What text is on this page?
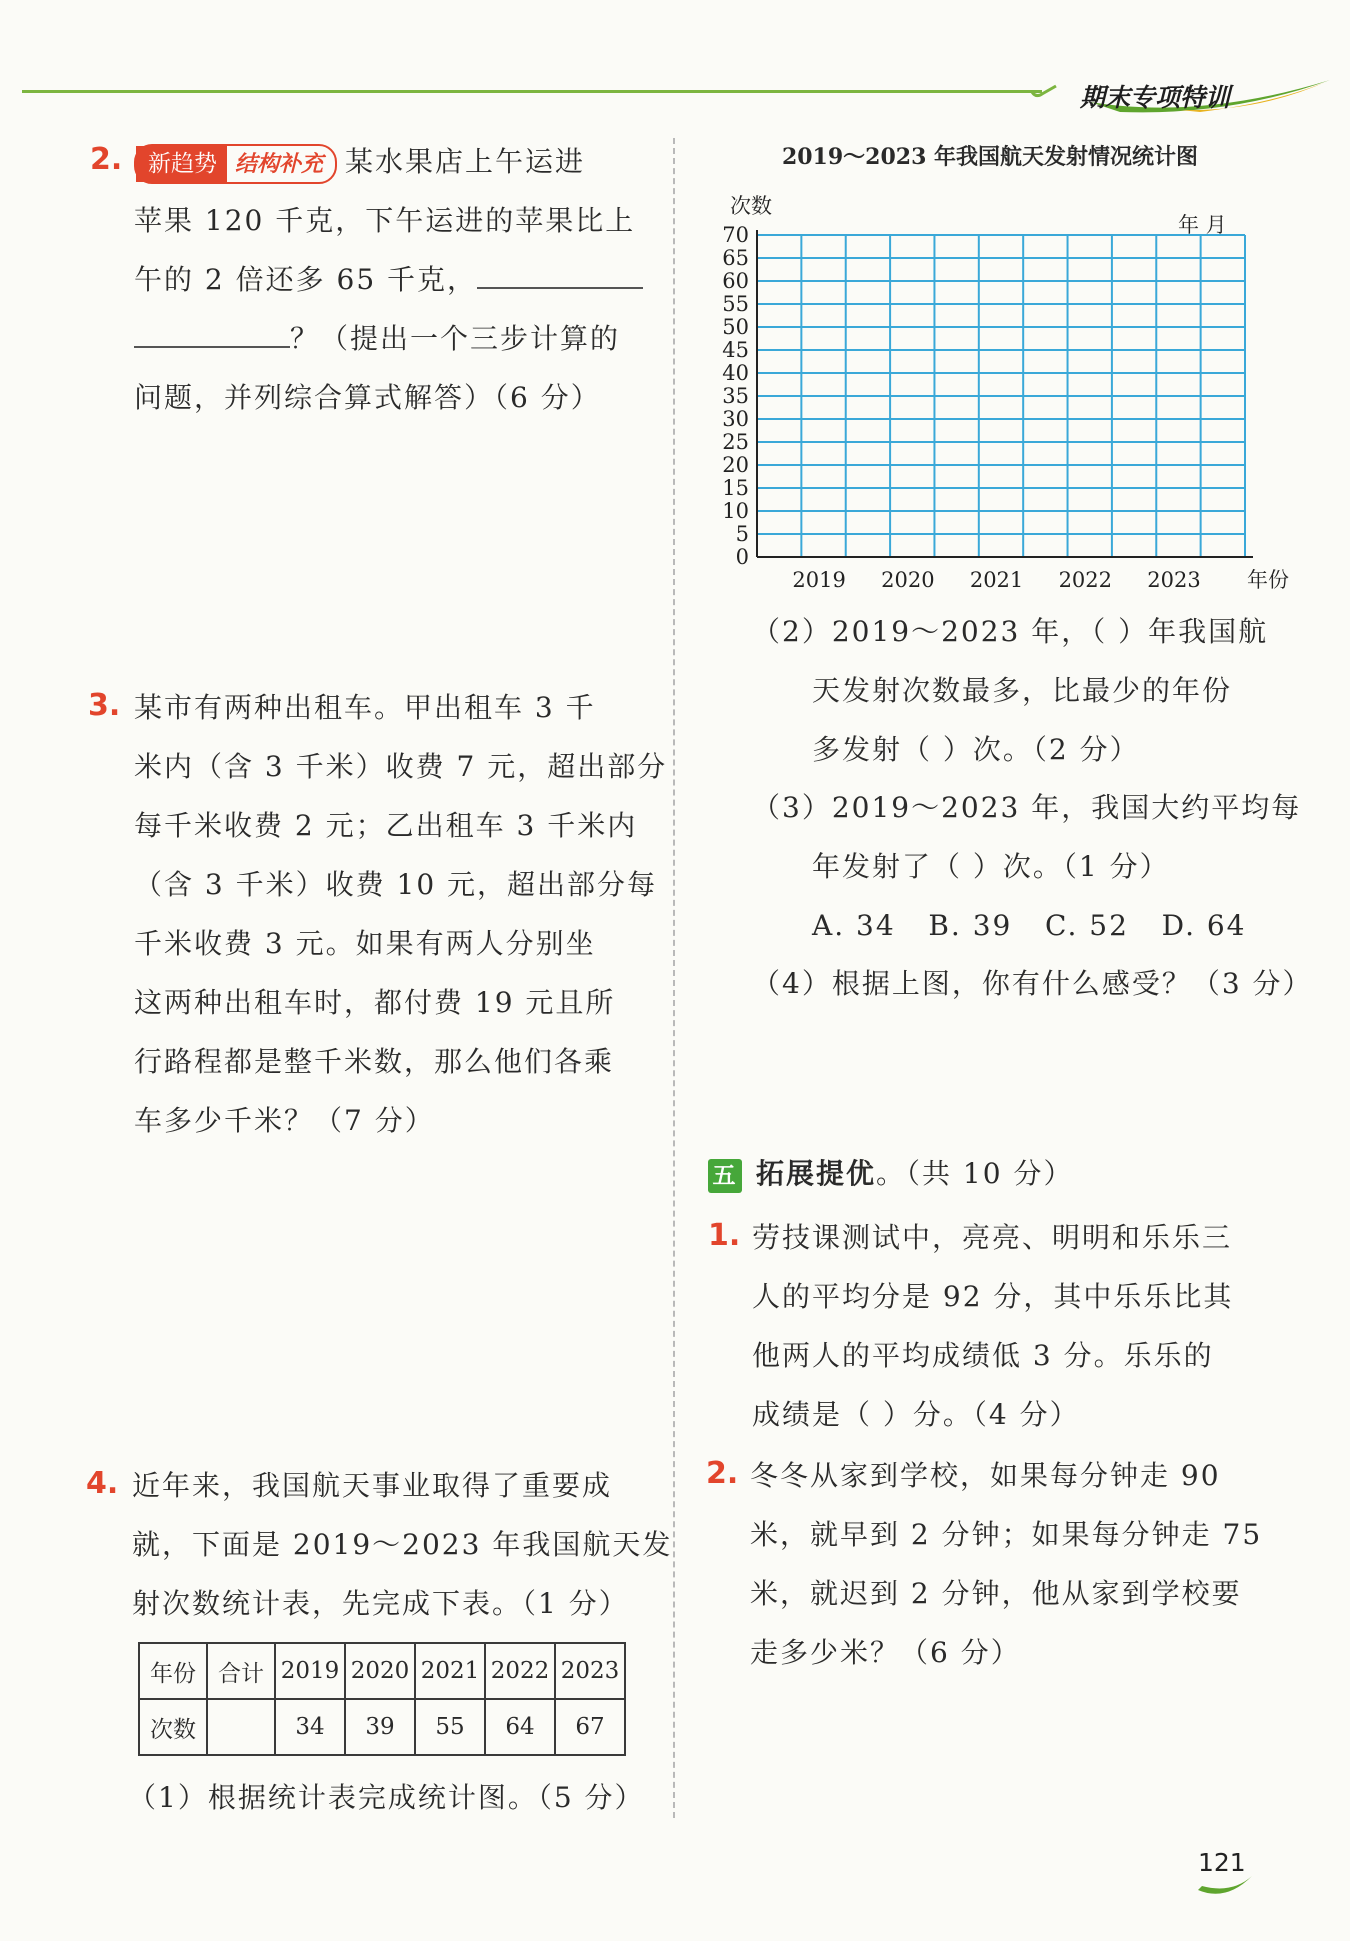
期末专项特训
2.	新趋势 结构补充 某水果店上午运进

苹果 120 千克，下午运进的苹果比上

午的 2 倍还多 65 千克，

？（提出一个三步计算的

问题，并列综合算式解答）（6 分）

3. 某市有两种出租车。甲出租车 3 千

米内（含 3 千米）收费 7 元，超出部分

每千米收费 2 元；乙出租车 3 千米内

（含 3 千米）收费 10 元，超出部分每

千米收费 3 元。如果有两人分别坐

这两种出租车时，都付费 19 元且所

行路程都是整千米数，那么他们各乘

车多少千米？（7 分）

4. 近年来，我国航天事业取得了重要成

就，下面是 2019～2023 年我国航天发

射次数统计表，先完成下表。（1 分）

年份	合计	2019	2020	2021	2022	2023
次数		34	39	55	64	67

（1）根据统计表完成统计图。（5 分）

2019～2023 年我国航天发射情况统计图
0
5
10
15
20
25
30
35
40
45
50
55
60
65
70
2019 2020 2021 2022 2023
次数
年份
年 月

（2）2019～2023 年，（ ）年我国航

天发射次数最多，比最少的年份

多发射（ ）次。（2 分）

（3）2019～2023 年，我国大约平均每

年发射了（ ）次。（1 分）

A. 34   B. 39   C. 52   D. 64

（4）根据上图，你有什么感受？（3 分）

五 拓展提优。（共 10 分）

1. 劳技课测试中，亮亮、明明和乐乐三

人的平均分是 92 分，其中乐乐比其

他两人的平均成绩低 3 分。乐乐的

成绩是（ ）分。（4 分）

2. 冬冬从家到学校，如果每分钟走 90

米，就早到 2 分钟；如果每分钟走 75

米，就迟到 2 分钟，他从家到学校要

走多少米？（6 分）

121
